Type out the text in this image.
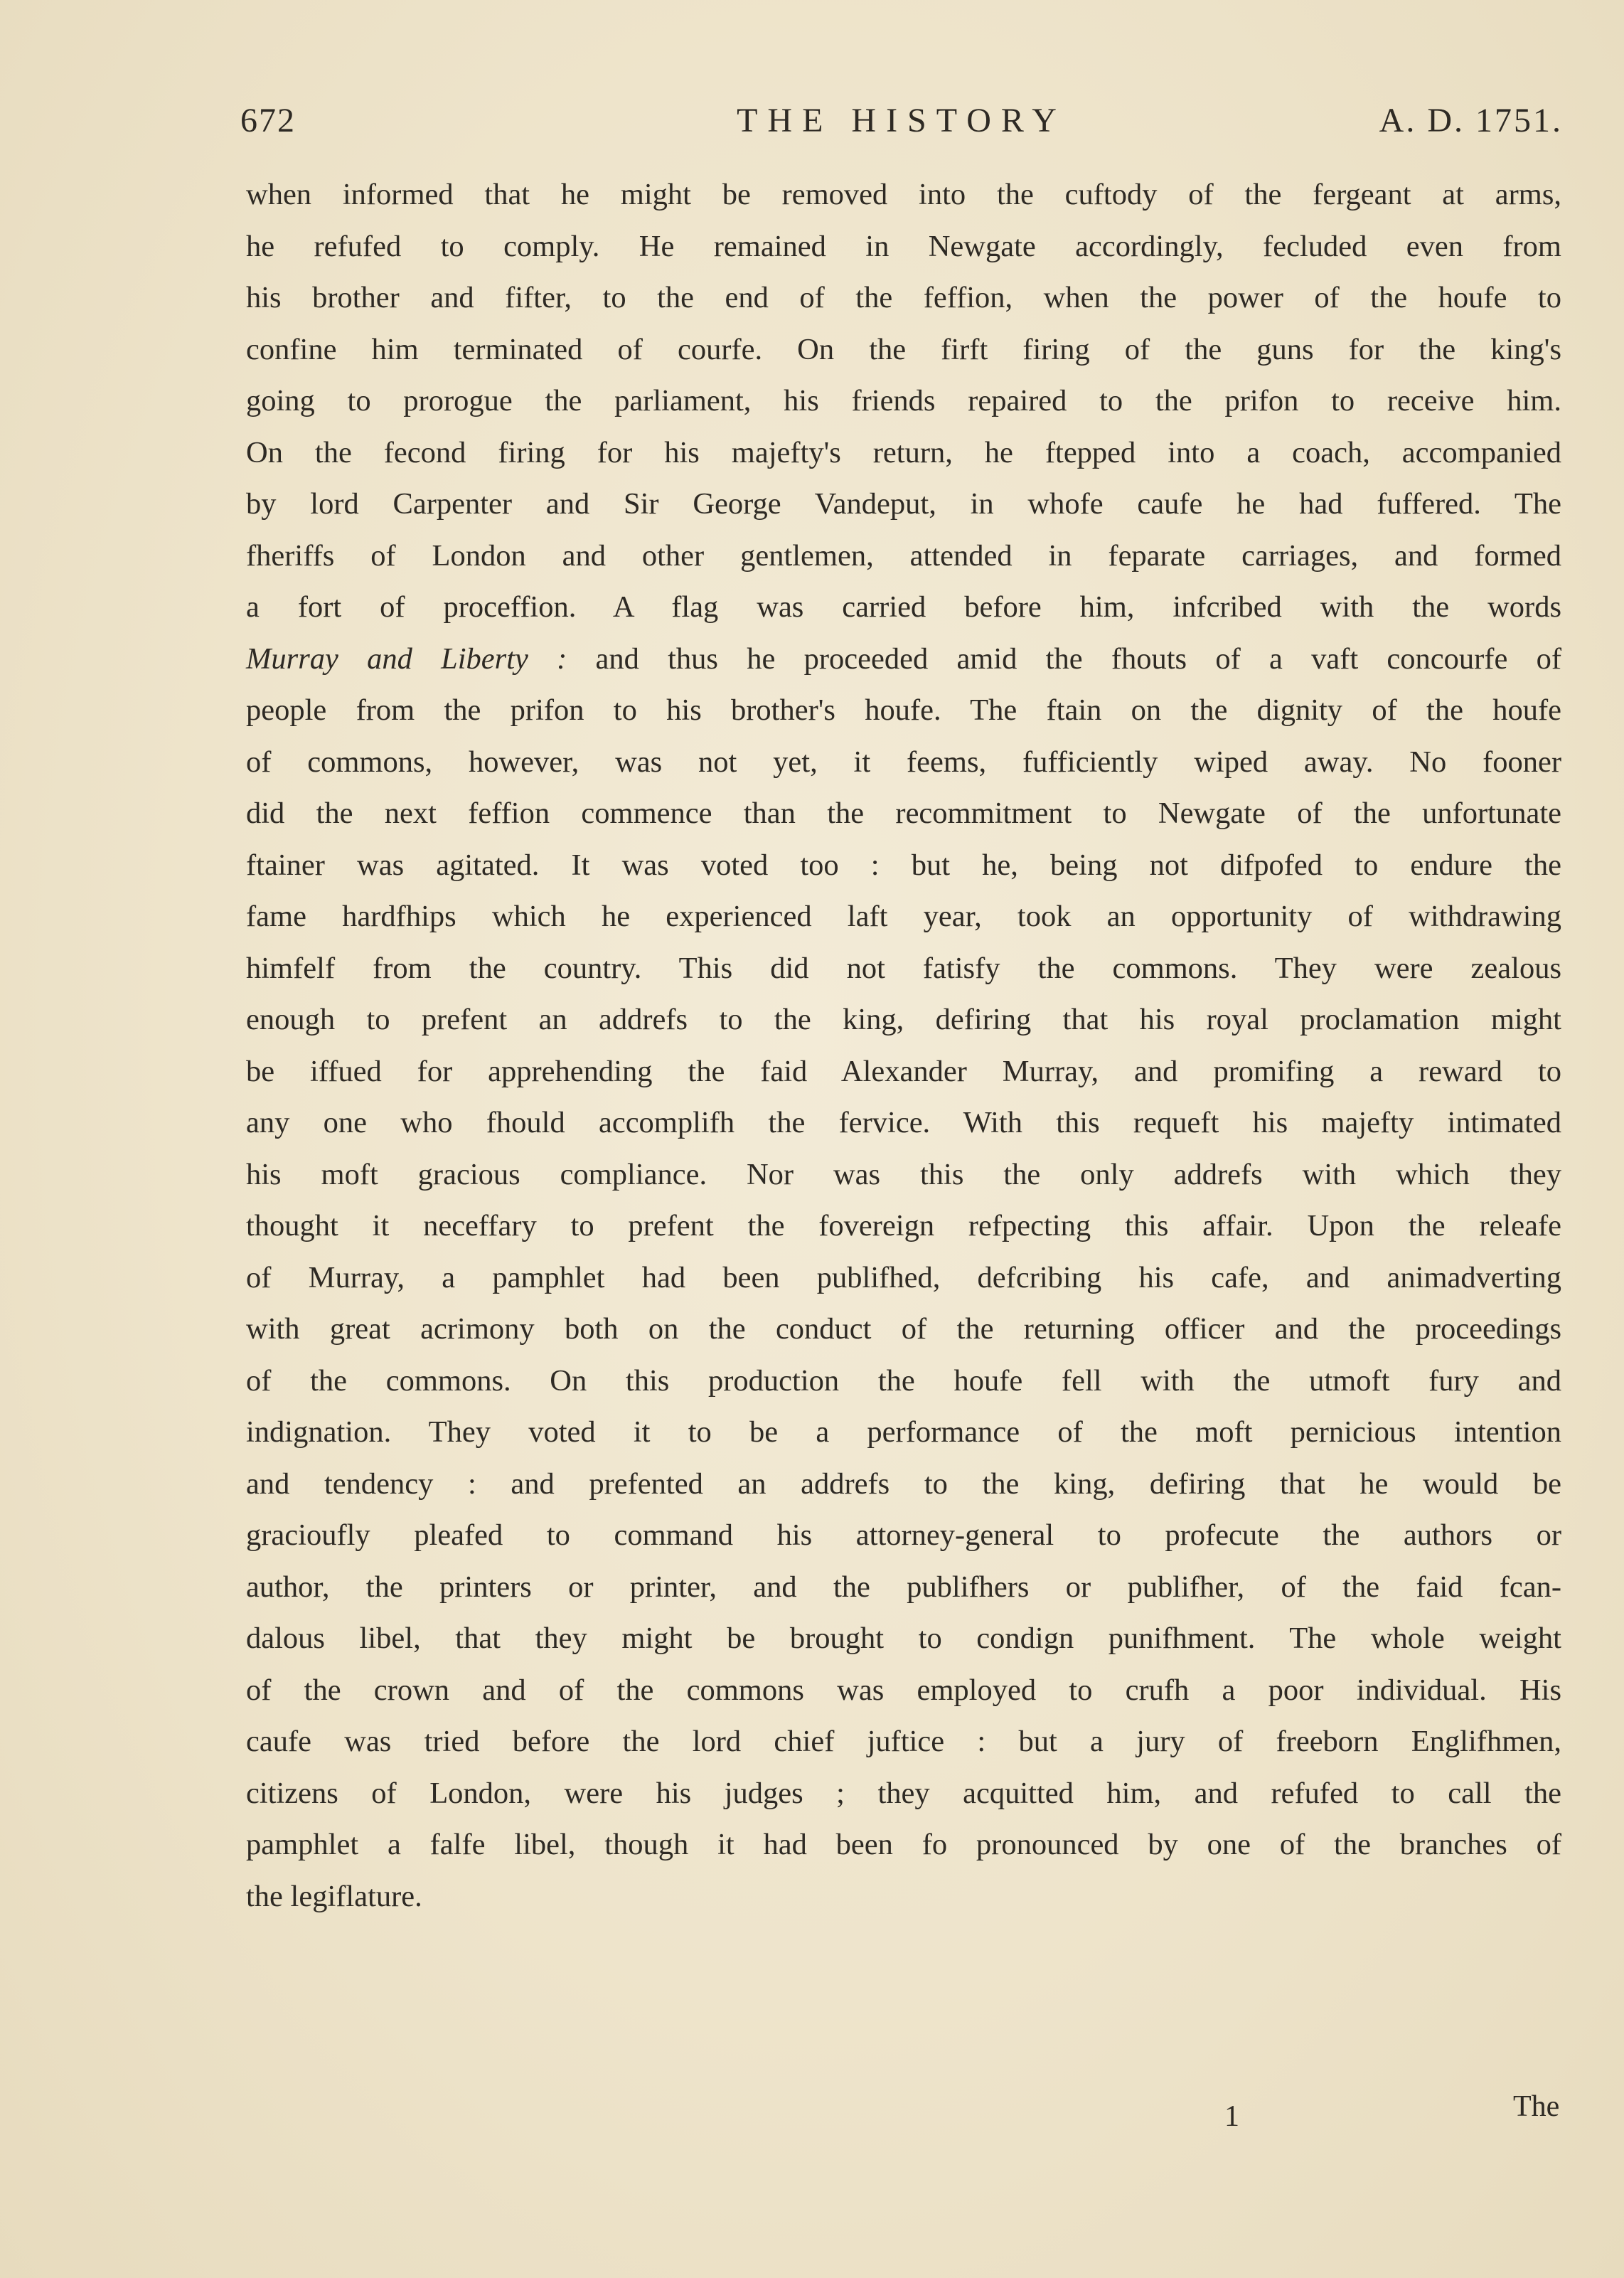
672	THE HISTORY	A. D. 1751.
when informed that he might be removed into the cuftody of the fergeant at arms,
he refufed to comply. He remained in Newgate accordingly, fecluded even from
his brother and fifter, to the end of the feffion, when the power of the houfe to
confine him terminated of courfe. On the firft firing of the guns for the king's
going to prorogue the parliament, his friends repaired to the prifon to receive him.
On the fecond firing for his majefty's return, he ftepped into a coach, accompanied
by lord Carpenter and Sir George Vandeput, in whofe caufe he had fuffered. The
fheriffs of London and other gentlemen, attended in feparate carriages, and formed
a fort of proceffion. A flag was carried before him, infcribed with the words
Murray and Liberty : and thus he proceeded amid the fhouts of a vaft concourfe of
people from the prifon to his brother's houfe. The ftain on the dignity of the houfe
of commons, however, was not yet, it feems, fufficiently wiped away. No fooner
did the next feffion commence than the recommitment to Newgate of the unfortunate
ftainer was agitated. It was voted too : but he, being not difpofed to endure the
fame hardfhips which he experienced laft year, took an opportunity of withdrawing
himfelf from the country. This did not fatisfy the commons. They were zealous
enough to prefent an addrefs to the king, defiring that his royal proclamation might
be iffued for apprehending the faid Alexander Murray, and promifing a reward to
any one who fhould accomplifh the fervice. With this requeft his majefty intimated
his moft gracious compliance. Nor was this the only addrefs with which they
thought it neceffary to prefent the fovereign refpecting this affair. Upon the releafe
of Murray, a pamphlet had been publifhed, defcribing his cafe, and animadverting
with great acrimony both on the conduct of the returning officer and the proceedings
of the commons. On this production the houfe fell with the utmoft fury and
indignation. They voted it to be a performance of the moft pernicious intention
and tendency : and prefented an addrefs to the king, defiring that he would be
gracioufly pleafed to command his attorney-general to profecute the authors or
author, the printers or printer, and the publifhers or publifher, of the faid fcan-
dalous libel, that they might be brought to condign punifhment. The whole weight
of the crown and of the commons was employed to crufh a poor individual. His
caufe was tried before the lord chief juftice : but a jury of freeborn Englifhmen,
citizens of London, were his judges ; they acquitted him, and refufed to call the
pamphlet a falfe libel, though it had been fo pronounced by one of the branches of
the legiflature.
1	The
